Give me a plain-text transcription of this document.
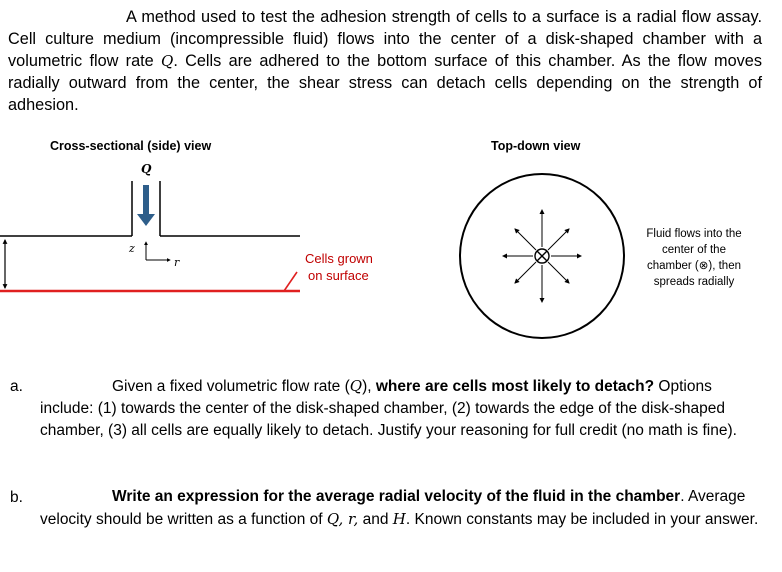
A method used to test the adhesion strength of cells to a surface is a radial flow assay. Cell culture medium (incompressible fluid) flows into the center of a disk-shaped chamber with a volumetric flow rate Q. Cells are adhered to the bottom surface of this chamber. As the flow moves radially outward from the center, the shear stress can detach cells depending on the strength of adhesion.

Cross-sectional (side) view	Top-down view
Q
z
r	Cells grown
on surface
Fluid flows into the
center of the
chamber (⊗), then
spreads radially
a.	Given a fixed volumetric flow rate (Q), where are cells most likely to detach? Options include: (1) towards the center of the disk-shaped chamber, (2) towards the edge of the disk-shaped chamber, (3) all cells are equally likely to detach. Justify your reasoning for full credit (no math is fine).
b.	Write an expression for the average radial velocity of the fluid in the chamber. Average velocity should be written as a function of Q, r, and H. Known constants may be included in your answer.
